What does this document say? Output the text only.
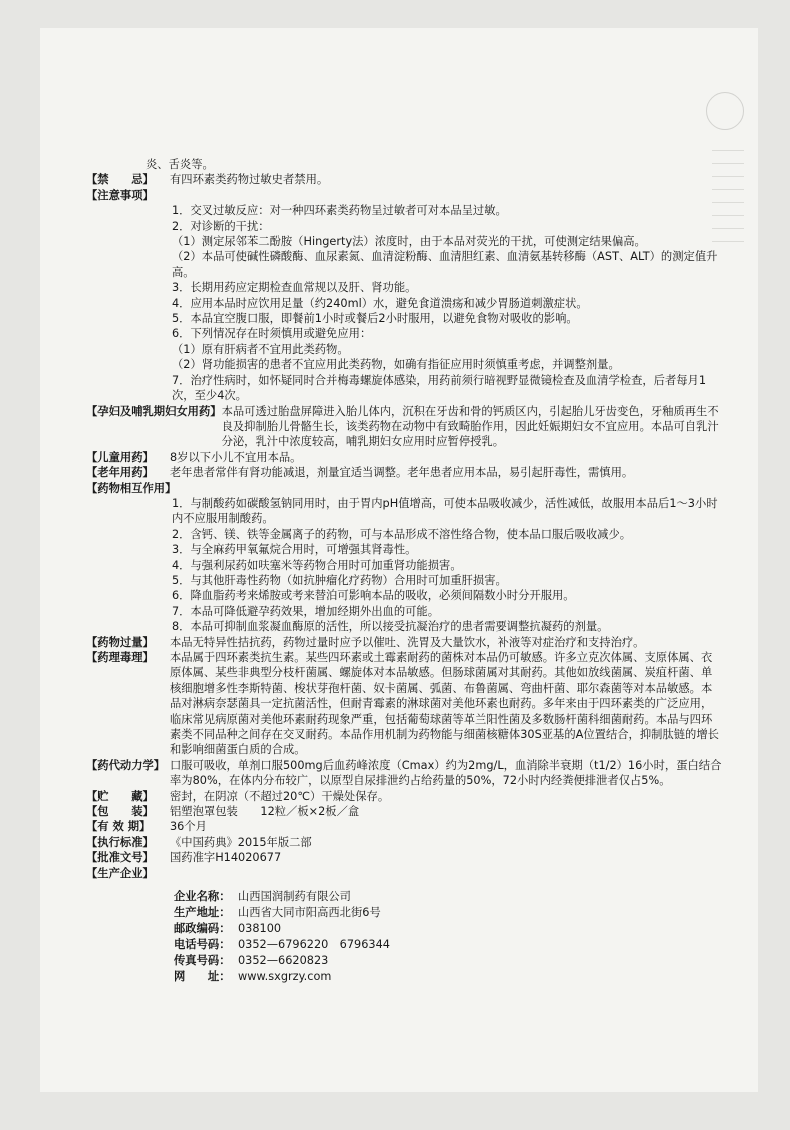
炎、舌炎等。
【禁　　忌】	有四环素类药物过敏史者禁用。
【注意事项】
1．交叉过敏反应：对一种四环素类药物呈过敏者可对本品呈过敏。
2．对诊断的干扰：
（1）测定尿邻苯二酚胺（Hingerty法）浓度时，由于本品对荧光的干扰，可使测定结果偏高。
（2）本品可使碱性磷酸酶、血尿素氮、血清淀粉酶、血清胆红素、血清氨基转移酶（AST、ALT）的测定值升高。
3．长期用药应定期检查血常规以及肝、肾功能。
4．应用本品时应饮用足量（约240ml）水，避免食道溃疡和减少胃肠道刺激症状。
5．本品宜空腹口服，即餐前1小时或餐后2小时服用，以避免食物对吸收的影响。
6．下列情况存在时须慎用或避免应用：
（1）原有肝病者不宜用此类药物。
（2）肾功能损害的患者不宜应用此类药物，如确有指征应用时须慎重考虑，并调整剂量。
7．治疗性病时，如怀疑同时合并梅毒螺旋体感染，用药前须行暗视野显微镜检查及血清学检查，后者每月1次，至少4次。
【孕妇及哺乳期妇女用药】 本品可透过胎盘屏障进入胎儿体内，沉积在牙齿和骨的钙质区内，引起胎儿牙齿变色，牙釉质再生不良及抑制胎儿骨骼生长，该类药物在动物中有致畸胎作用，因此妊娠期妇女不宜应用。本品可自乳汁分泌，乳汁中浓度较高，哺乳期妇女应用时应暂停授乳。
【儿童用药】	8岁以下小儿不宜用本品。
【老年用药】	老年患者常伴有肾功能减退，剂量宜适当调整。老年患者应用本品，易引起肝毒性，需慎用。
【药物相互作用】
1．与制酸药如碳酸氢钠同用时，由于胃内pH值增高，可使本品吸收减少，活性减低，故服用本品后1～3小时内不应服用制酸药。
2．含钙、镁、铁等金属离子的药物，可与本品形成不溶性络合物，使本品口服后吸收减少。
3．与全麻药甲氧氟烷合用时，可增强其肾毒性。
4．与强利尿药如呋塞米等药物合用时可加重肾功能损害。
5．与其他肝毒性药物（如抗肿瘤化疗药物）合用时可加重肝损害。
6．降血脂药考来烯胺或考来替泊可影响本品的吸收，必须间隔数小时分开服用。
7．本品可降低避孕药效果，增加经期外出血的可能。
8．本品可抑制血浆凝血酶原的活性，所以接受抗凝治疗的患者需要调整抗凝药的剂量。
【药物过量】	本品无特异性拮抗药，药物过量时应予以催吐、洗胃及大量饮水，补液等对症治疗和支持治疗。
【药理毒理】	本品属于四环素类抗生素。某些四环素或土霉素耐药的菌株对本品仍可敏感。许多立克次体属、支原体属、衣原体属、某些非典型分枝杆菌属、螺旋体对本品敏感。但肠球菌属对其耐药。其他如放线菌属、炭疽杆菌、单核细胞增多性李斯特菌、梭状芽孢杆菌、奴卡菌属、弧菌、布鲁菌属、弯曲杆菌、耶尔森菌等对本品敏感。本品对淋病奈瑟菌具一定抗菌活性，但耐青霉素的淋球菌对美他环素也耐药。多年来由于四环素类的广泛应用，临床常见病原菌对美他环素耐药现象严重，包括葡萄球菌等革兰阳性菌及多数肠杆菌科细菌耐药。本品与四环素类不同品种之间存在交叉耐药。本品作用机制为药物能与细菌核糖体30S亚基的A位置结合，抑制肽链的增长和影响细菌蛋白质的合成。
【药代动力学】 口服可吸收，单剂口服500mg后血药峰浓度（Cmax）约为2mg/L，血消除半衰期（t1/2）16小时，蛋白结合率为80%，在体内分布较广，以原型自尿排泄约占给药量的50%，72小时内经粪便排泄者仅占5%。
【贮　　藏】	密封，在阴凉（不超过20℃）干燥处保存。
【包　　装】	铝塑泡罩包装　　12粒／板×2板／盒
【有 效 期】	36个月
【执行标准】	《中国药典》2015年版二部
【批准文号】	国药准字H14020677
【生产企业】
企业名称： 山西国润制药有限公司
生产地址： 山西省大同市阳高西北街6号
邮政编码： 038100
电话号码： 0352—6796220　6796344
传真号码： 0352—6620823
网　　址： www.sxgrzy.com
